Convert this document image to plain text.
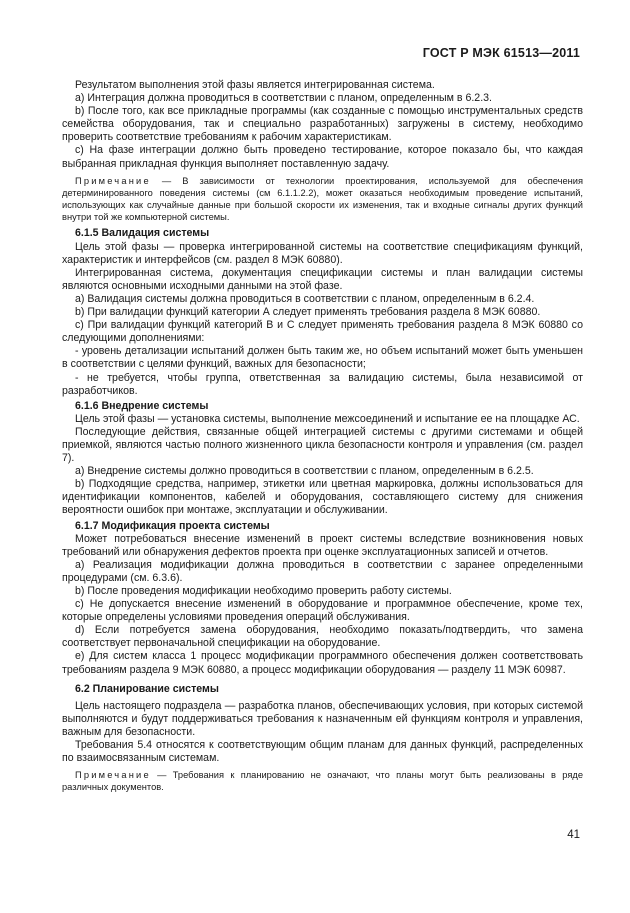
ГОСТ Р МЭК 61513—2011
Результатом выполнения этой фазы является интегрированная система.
а) Интеграция должна проводиться в соответствии с планом, определенным в 6.2.3.
b) После того, как все прикладные программы (как созданные с помощью инструментальных средств семейства оборудования, так и специально разработанных) загружены в систему, необходимо проверить соответствие требованиям к рабочим характеристикам.
c) На фазе интеграции должно быть проведено тестирование, которое показало бы, что каждая выбранная прикладная функция выполняет поставленную задачу.
Примечание — В зависимости от технологии проектирования, используемой для обеспечения детерминированного поведения системы (см 6.1.1.2.2), может оказаться необходимым проведение испытаний, использующих как случайные данные при большой скорости их изменения, так и входные сигналы других функций внутри той же компьютерной системы.
6.1.5 Валидация системы
Цель этой фазы — проверка интегрированной системы на соответствие спецификациям функций, характеристик и интерфейсов (см. раздел 8 МЭК 60880).
Интегрированная система, документация спецификации системы и план валидации системы являются основными исходными данными на этой фазе.
а) Валидация системы должна проводиться в соответствии с планом, определенным в 6.2.4.
b) При валидации функций категории А следует применять требования раздела 8 МЭК 60880.
c) При валидации функций категорий В и С следует применять требования раздела 8 МЭК 60880 со следующими дополнениями:
- уровень детализации испытаний должен быть таким же, но объем испытаний может быть уменьшен в соответствии с целями функций, важных для безопасности;
- не требуется, чтобы группа, ответственная за валидацию системы, была независимой от разработчиков.
6.1.6 Внедрение системы
Цель этой фазы — установка системы, выполнение межсоединений и испытание ее на площадке АС.
Последующие действия, связанные общей интеграцией системы с другими системами и общей приемкой, являются частью полного жизненного цикла безопасности контроля и управления (см. раздел 7).
а) Внедрение системы должно проводиться в соответствии с планом, определенным в 6.2.5.
b) Подходящие средства, например, этикетки или цветная маркировка, должны использоваться для идентификации компонентов, кабелей и оборудования, составляющего систему для снижения вероятности ошибок при монтаже, эксплуатации и обслуживании.
6.1.7 Модификация проекта системы
Может потребоваться внесение изменений в проект системы вследствие возникновения новых требований или обнаружения дефектов проекта при оценке эксплуатационных записей и отчетов.
а) Реализация модификации должна проводиться в соответствии с заранее определенными процедурами (см. 6.3.6).
b) После проведения модификации необходимо проверить работу системы.
c) Не допускается внесение изменений в оборудование и программное обеспечение, кроме тех, которые определены условиями проведения операций обслуживания.
d) Если потребуется замена оборудования, необходимо показать/подтвердить, что замена соответствует первоначальной спецификации на оборудование.
е) Для систем класса 1 процесс модификации программного обеспечения должен соответствовать требованиям раздела 9 МЭК 60880, а процесс модификации оборудования — разделу 11 МЭК 60987.
6.2 Планирование системы
Цель настоящего подраздела — разработка планов, обеспечивающих условия, при которых системой выполняются и будут поддерживаться требования к назначенным ей функциям контроля и управления, важным для безопасности.
Требования 5.4 относятся к соответствующим общим планам для данных функций, распределенных по взаимосвязанным системам.
Примечание — Требования к планированию не означают, что планы могут быть реализованы в ряде различных документов.
41
